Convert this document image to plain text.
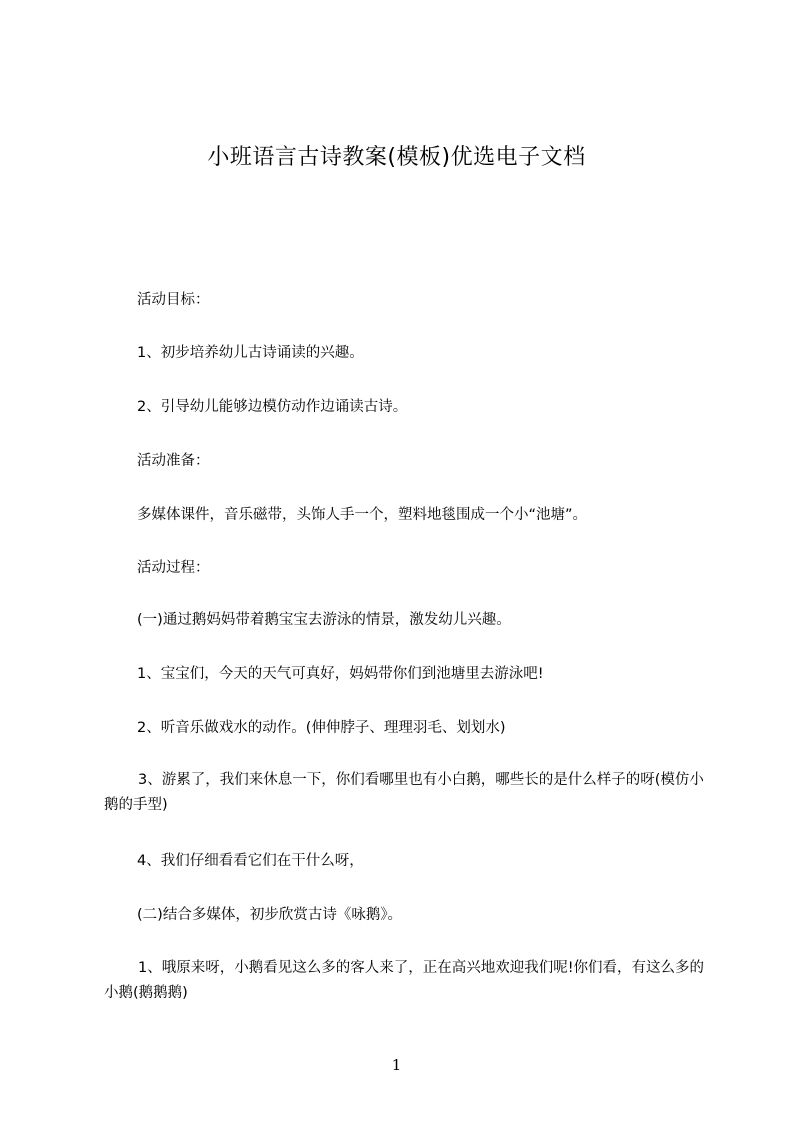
小班语言古诗教案(模板)优选电子文档

活动目标：

1、初步培养幼儿古诗诵读的兴趣。

2、引导幼儿能够边模仿动作边诵读古诗。

活动准备：

多媒体课件，音乐磁带，头饰人手一个，塑料地毯围成一个小“池塘”。

活动过程：

(一)通过鹅妈妈带着鹅宝宝去游泳的情景，激发幼儿兴趣。

1、宝宝们，今天的天气可真好，妈妈带你们到池塘里去游泳吧!

2、听音乐做戏水的动作。(伸伸脖子、理理羽毛、划划水)

3、游累了，我们来休息一下，你们看哪里也有小白鹅，哪些长的是什么样子的呀(模仿小鹅的手型)

4、我们仔细看看它们在干什么呀，

(二)结合多媒体，初步欣赏古诗《咏鹅》。

1、哦原来呀，小鹅看见这么多的客人来了，正在高兴地欢迎我们呢!你们看，有这么多的小鹅(鹅鹅鹅)

1
